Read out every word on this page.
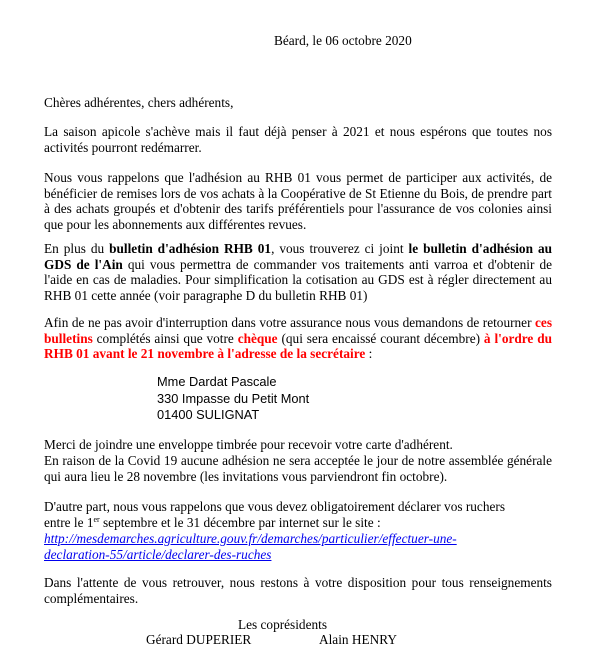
Béard, le 06 octobre 2020
Chères adhérentes, chers adhérents,
La saison apicole s'achève mais il faut déjà penser à 2021 et nous espérons que toutes nos activités pourront redémarrer.
Nous vous rappelons que l'adhésion au RHB 01 vous permet de participer aux activités, de bénéficier de remises lors de vos achats à la Coopérative de St Etienne du Bois, de prendre part à des achats groupés et d'obtenir des tarifs préférentiels pour l'assurance de vos colonies ainsi que pour les abonnements aux différentes revues.
En plus du bulletin d'adhésion RHB 01, vous trouverez ci joint le bulletin d'adhésion au GDS de l'Ain qui vous permettra de commander vos traitements anti varroa et d'obtenir de l'aide en cas de maladies. Pour simplification la cotisation au GDS est à régler directement au RHB 01 cette année (voir paragraphe D du bulletin RHB 01)
Afin de ne pas avoir d'interruption dans votre assurance nous vous demandons de retourner ces bulletins complétés ainsi que votre chèque (qui sera encaissé courant décembre) à l'ordre du RHB 01 avant le 21 novembre à l'adresse de la secrétaire :
Mme Dardat Pascale
330 Impasse du Petit Mont
01400 SULIGNAT
Merci de joindre une enveloppe timbrée pour recevoir votre carte d'adhérent.
En raison de la Covid 19 aucune adhésion ne sera acceptée le jour de notre assemblée générale qui aura lieu le 28 novembre (les invitations vous parviendront fin octobre).
D'autre part, nous vous rappelons que vous devez obligatoirement déclarer vos ruchers
entre le 1er septembre et le 31 décembre par internet sur le site :
http://mesdemarches.agriculture.gouv.fr/demarches/particulier/effectuer-une-
declaration-55/article/declarer-des-ruches
Dans l'attente de vous retrouver, nous restons à votre disposition pour tous renseignements complémentaires.
Les coprésidents
Gérard DUPERIER	Alain HENRY
